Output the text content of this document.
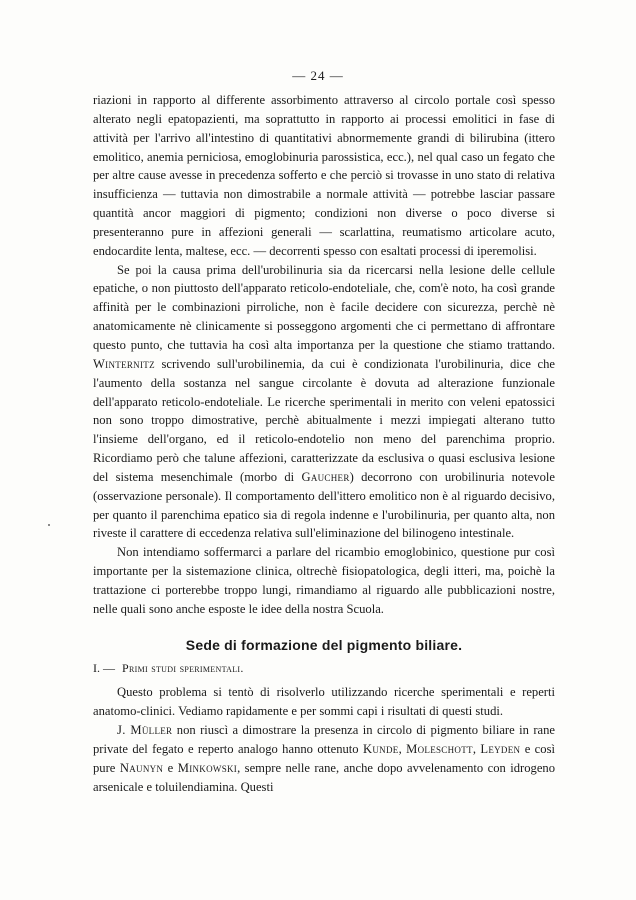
— 24 —

riazioni in rapporto al differente assorbimento attraverso al circolo portale così spesso alterato negli epatopazienti, ma soprattutto in rapporto ai processi emolitici in fase di attività per l'arrivo all'intestino di quantitativi abnormemente grandi di bilirubina (ittero emolitico, anemia perniciosa, emoglobinuria parossistica, ecc.), nel qual caso un fegato che per altre cause avesse in precedenza sofferto e che perciò si trovasse in uno stato di relativa insufficienza — tuttavia non dimostrabile a normale attività — potrebbe lasciar passare quantità ancor maggiori di pigmento; condizioni non diverse o poco diverse si presenteranno pure in affezioni generali — scarlattina, reumatismo articolare acuto, endocardite lenta, maltese, ecc. — decorrenti spesso con esaltati processi di iperemolisi.

Se poi la causa prima dell'urobilinuria sia da ricercarsi nella lesione delle cellule epatiche, o non piuttosto dell'apparato reticolo-endoteliale, che, com'è noto, ha così grande affinità per le combinazioni pirroliche, non è facile decidere con sicurezza, perchè nè anatomicamente nè clinicamente si posseggono argomenti che ci permettano di affrontare questo punto, che tuttavia ha così alta importanza per la questione che stiamo trattando. Winternitz scrivendo sull'urobilinemia, da cui è condizionata l'urobilinuria, dice che l'aumento della sostanza nel sangue circolante è dovuta ad alterazione funzionale dell'apparato reticolo-endoteliale. Le ricerche sperimentali in merito con veleni epatossici non sono troppo dimostrative, perchè abitualmente i mezzi impiegati alterano tutto l'insieme dell'organo, ed il reticolo-endotelio non meno del parenchima proprio. Ricordiamo però che talune affezioni, caratterizzate da esclusiva o quasi esclusiva lesione del sistema mesenchimale (morbo di Gaucher) decorrono con urobilinuria notevole (osservazione personale). Il comportamento dell'ittero emolitico non è al riguardo decisivo, per quanto il parenchima epatico sia di regola indenne e l'urobilinuria, per quanto alta, non riveste il carattere di eccedenza relativa sull'eliminazione del bilinogeno intestinale.

Non intendiamo soffermarci a parlare del ricambio emoglobinico, questione pur così importante per la sistemazione clinica, oltrechè fisiopatologica, degli itteri, ma, poichè la trattazione ci porterebbe troppo lungi, rimandiamo al riguardo alle pubblicazioni nostre, nelle quali sono anche esposte le idee della nostra Scuola.

Sede di formazione del pigmento biliare.
I. — Primi studi sperimentali.

Questo problema si tentò di risolverlo utilizzando ricerche sperimentali e reperti anatomo-clinici. Vediamo rapidamente e per sommi capi i risultati di questi studi.

J. Müller non riuscì a dimostrare la presenza in circolo di pigmento biliare in rane private del fegato e reperto analogo hanno ottenuto Kunde, Moleschott, Leyden e così pure Naunyn e Minkowski, sempre nelle rane, anche dopo avvelenamento con idrogeno arsenicale e toluilendiamina. Questi
